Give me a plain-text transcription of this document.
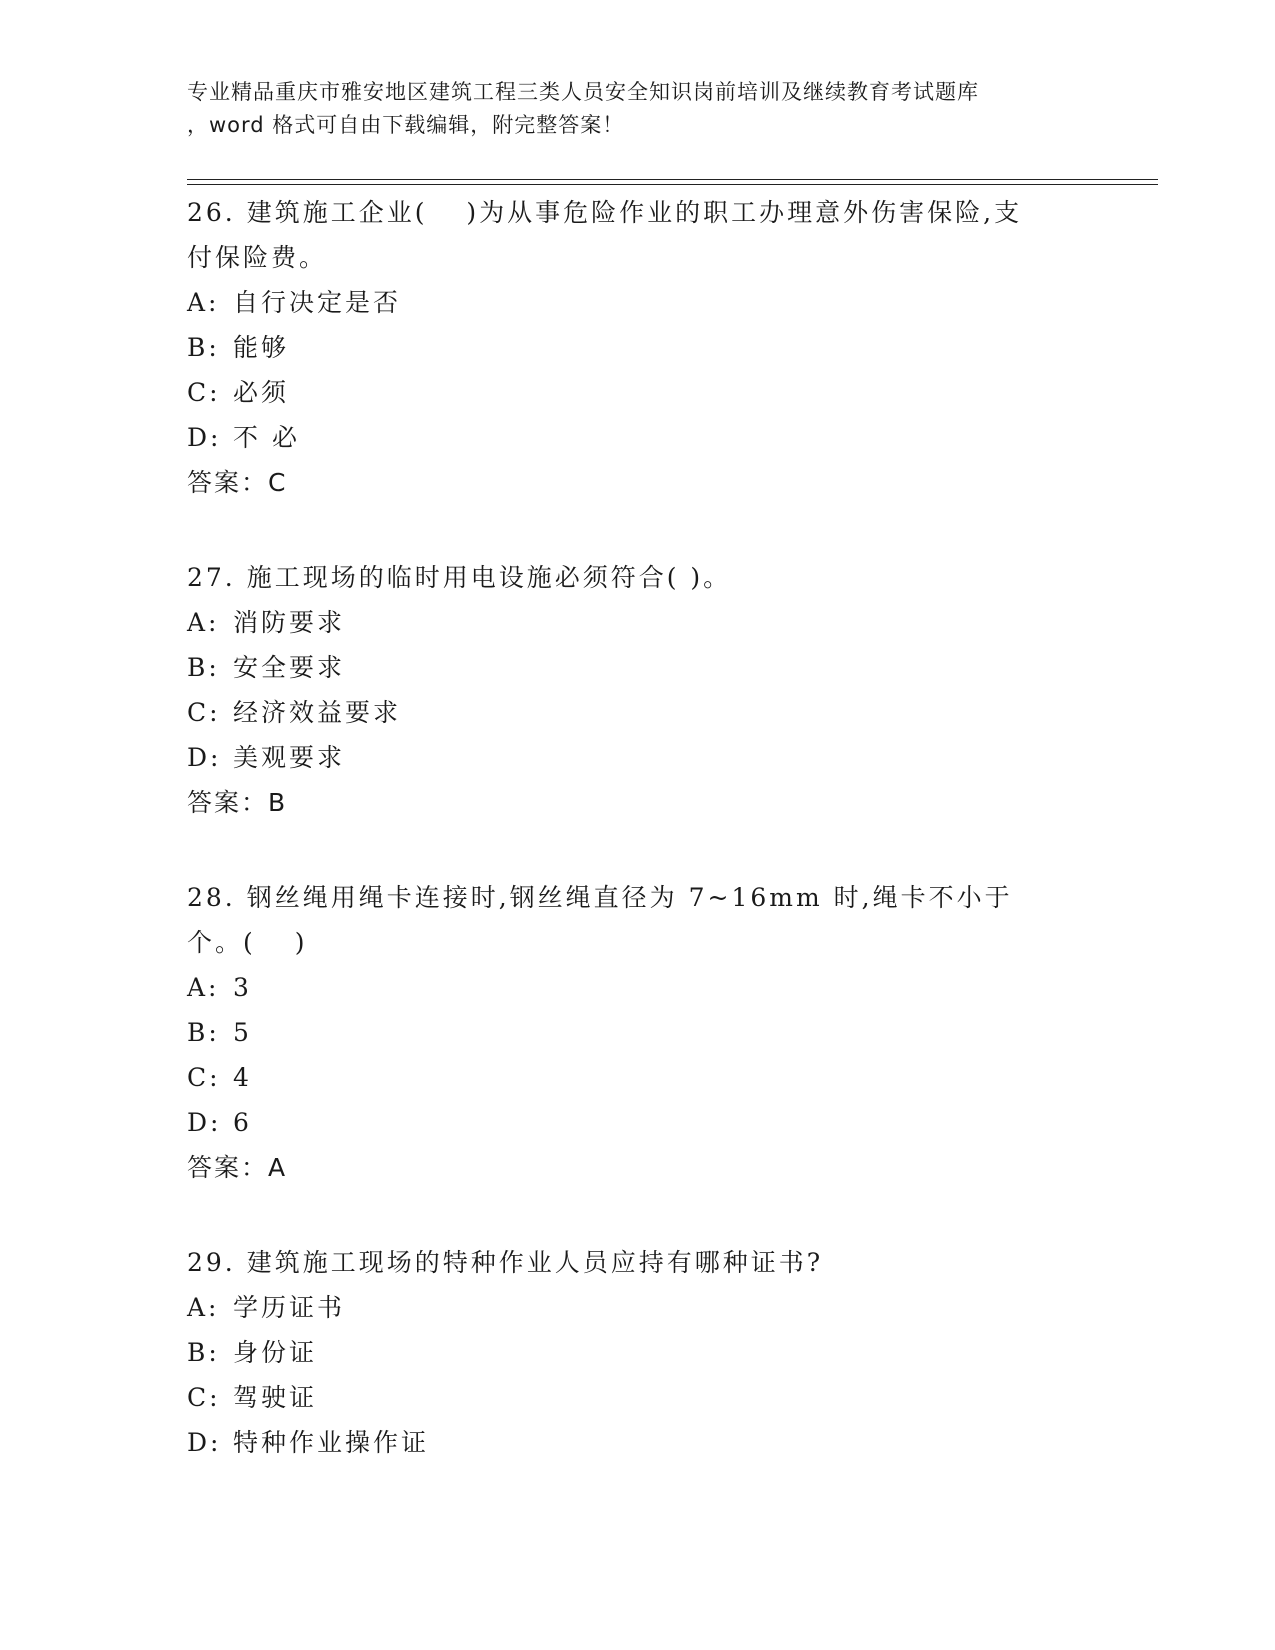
专业精品重庆市雅安地区建筑工程三类人员安全知识岗前培训及继续教育考试题库
，word 格式可自由下载编辑，附完整答案！
26. 建筑施工企业(　 )为从事危险作业的职工办理意外伤害保险,支
付保险费。
A: 自行决定是否
B: 能够
C: 必须
D: 不 必
答案：C
27. 施工现场的临时用电设施必须符合( )。
A: 消防要求
B: 安全要求
C: 经济效益要求
D: 美观要求
答案：B
28. 钢丝绳用绳卡连接时,钢丝绳直径为 7~16mm 时,绳卡不小于
个。(　 )
A: 3
B: 5
C: 4
D: 6
答案：A
29. 建筑施工现场的特种作业人员应持有哪种证书?
A: 学历证书
B: 身份证
C: 驾驶证
D: 特种作业操作证
